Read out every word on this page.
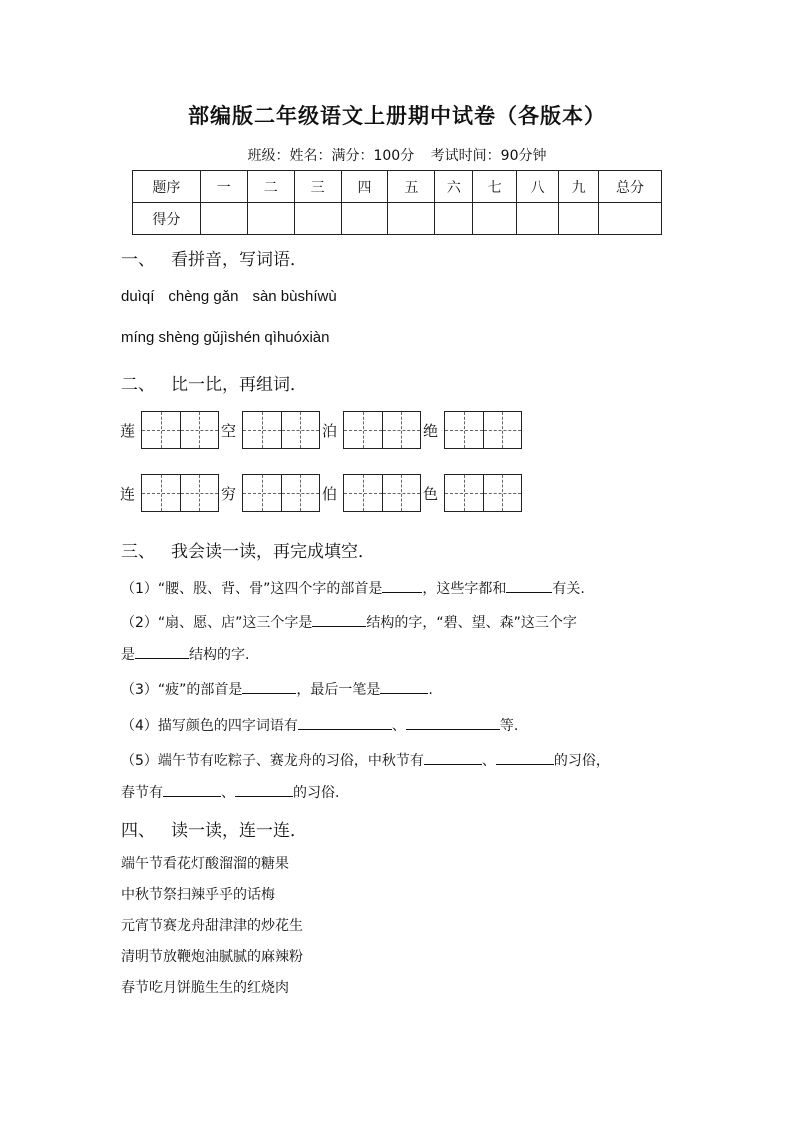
部编版二年级语文上册期中试卷（各版本）
班级：姓名：满分：100分 考试时间：90分钟
题序	一	二	三	四	五	六	七	八	九	总分
得分										
一、 看拼音，写词语．
duìqí chèng gǎn sàn bùshíwù
míng shèng gǔjìshén qìhuóxiàn
二、 比一比，再组词．
莲	空	泊	绝
连	穷	伯	色
三、 我会读一读，再完成填空．
（1）“腰、股、背、骨”这四个字的部首是	，这些字都和	有关.
（2）“扇、愿、店”这三个字是	结构的字，“碧、望、森”这三个字
是	结构的字.
（3）“疲”的部首是	，最后一笔是	.
（4）描写颜色的四字词语有	、	等.
（5）端午节有吃粽子、赛龙舟的习俗，中秋节有	、	的习俗，
春节有	、	的习俗.
四、 读一读，连一连．
端午节看花灯酸溜溜的糖果
中秋节祭扫辣乎乎的话梅
元宵节赛龙舟甜津津的炒花生
清明节放鞭炮油腻腻的麻辣粉
春节吃月饼脆生生的红烧肉
